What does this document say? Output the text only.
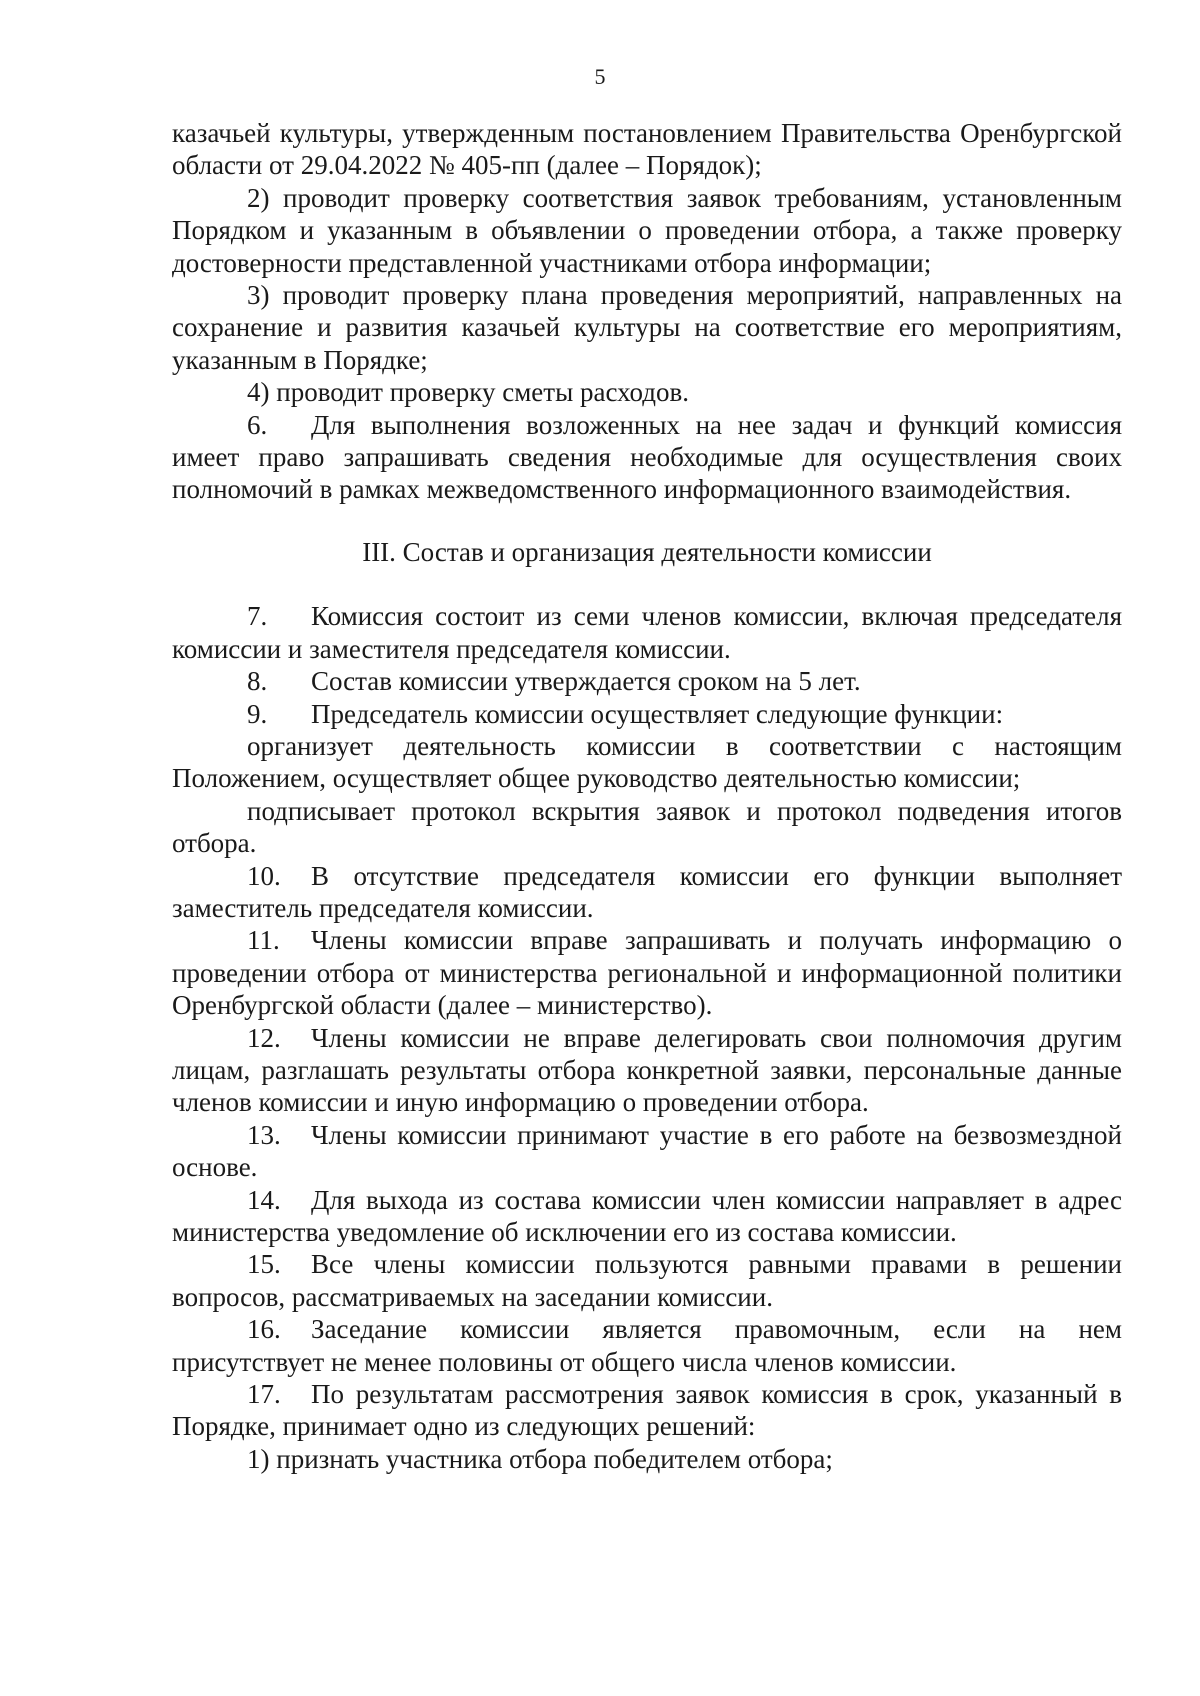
5

казачьей культуры, утвержденным постановлением Правительства Оренбургской области от 29.04.2022 № 405-пп (далее – Порядок);

2) проводит проверку соответствия заявок требованиям, установленным Порядком и указанным в объявлении о проведении отбора, а также проверку достоверности представленной участниками отбора информации;

3) проводит проверку плана проведения мероприятий, направленных на сохранение и развития казачьей культуры на соответствие его мероприятиям, указанным в Порядке;

4) проводит проверку сметы расходов.

6. Для выполнения возложенных на нее задач и функций комиссия имеет право запрашивать сведения необходимые для осуществления своих полномочий в рамках межведомственного информационного взаимодействия.

III. Состав и организация деятельности комиссии

7. Комиссия состоит из семи членов комиссии, включая председателя комиссии и заместителя председателя комиссии.

8. Состав комиссии утверждается сроком на 5 лет.

9. Председатель комиссии осуществляет следующие функции:

организует деятельность комиссии в соответствии с настоящим Положением, осуществляет общее руководство деятельностью комиссии;

подписывает протокол вскрытия заявок и протокол подведения итогов отбора.

10. В отсутствие председателя комиссии его функции выполняет заместитель председателя комиссии.

11. Члены комиссии вправе запрашивать и получать информацию о проведении отбора от министерства региональной и информационной политики Оренбургской области (далее – министерство).

12. Члены комиссии не вправе делегировать свои полномочия другим лицам, разглашать результаты отбора конкретной заявки, персональные данные членов комиссии и иную информацию о проведении отбора.

13. Члены комиссии принимают участие в его работе на безвозмездной основе.

14. Для выхода из состава комиссии член комиссии направляет в адрес министерства уведомление об исключении его из состава комиссии.

15. Все члены комиссии пользуются равными правами в решении вопросов, рассматриваемых на заседании комиссии.

16. Заседание комиссии является правомочным, если на нем присутствует не менее половины от общего числа членов комиссии.

17. По результатам рассмотрения заявок комиссия в срок, указанный в Порядке, принимает одно из следующих решений:

1) признать участника отбора победителем отбора;
